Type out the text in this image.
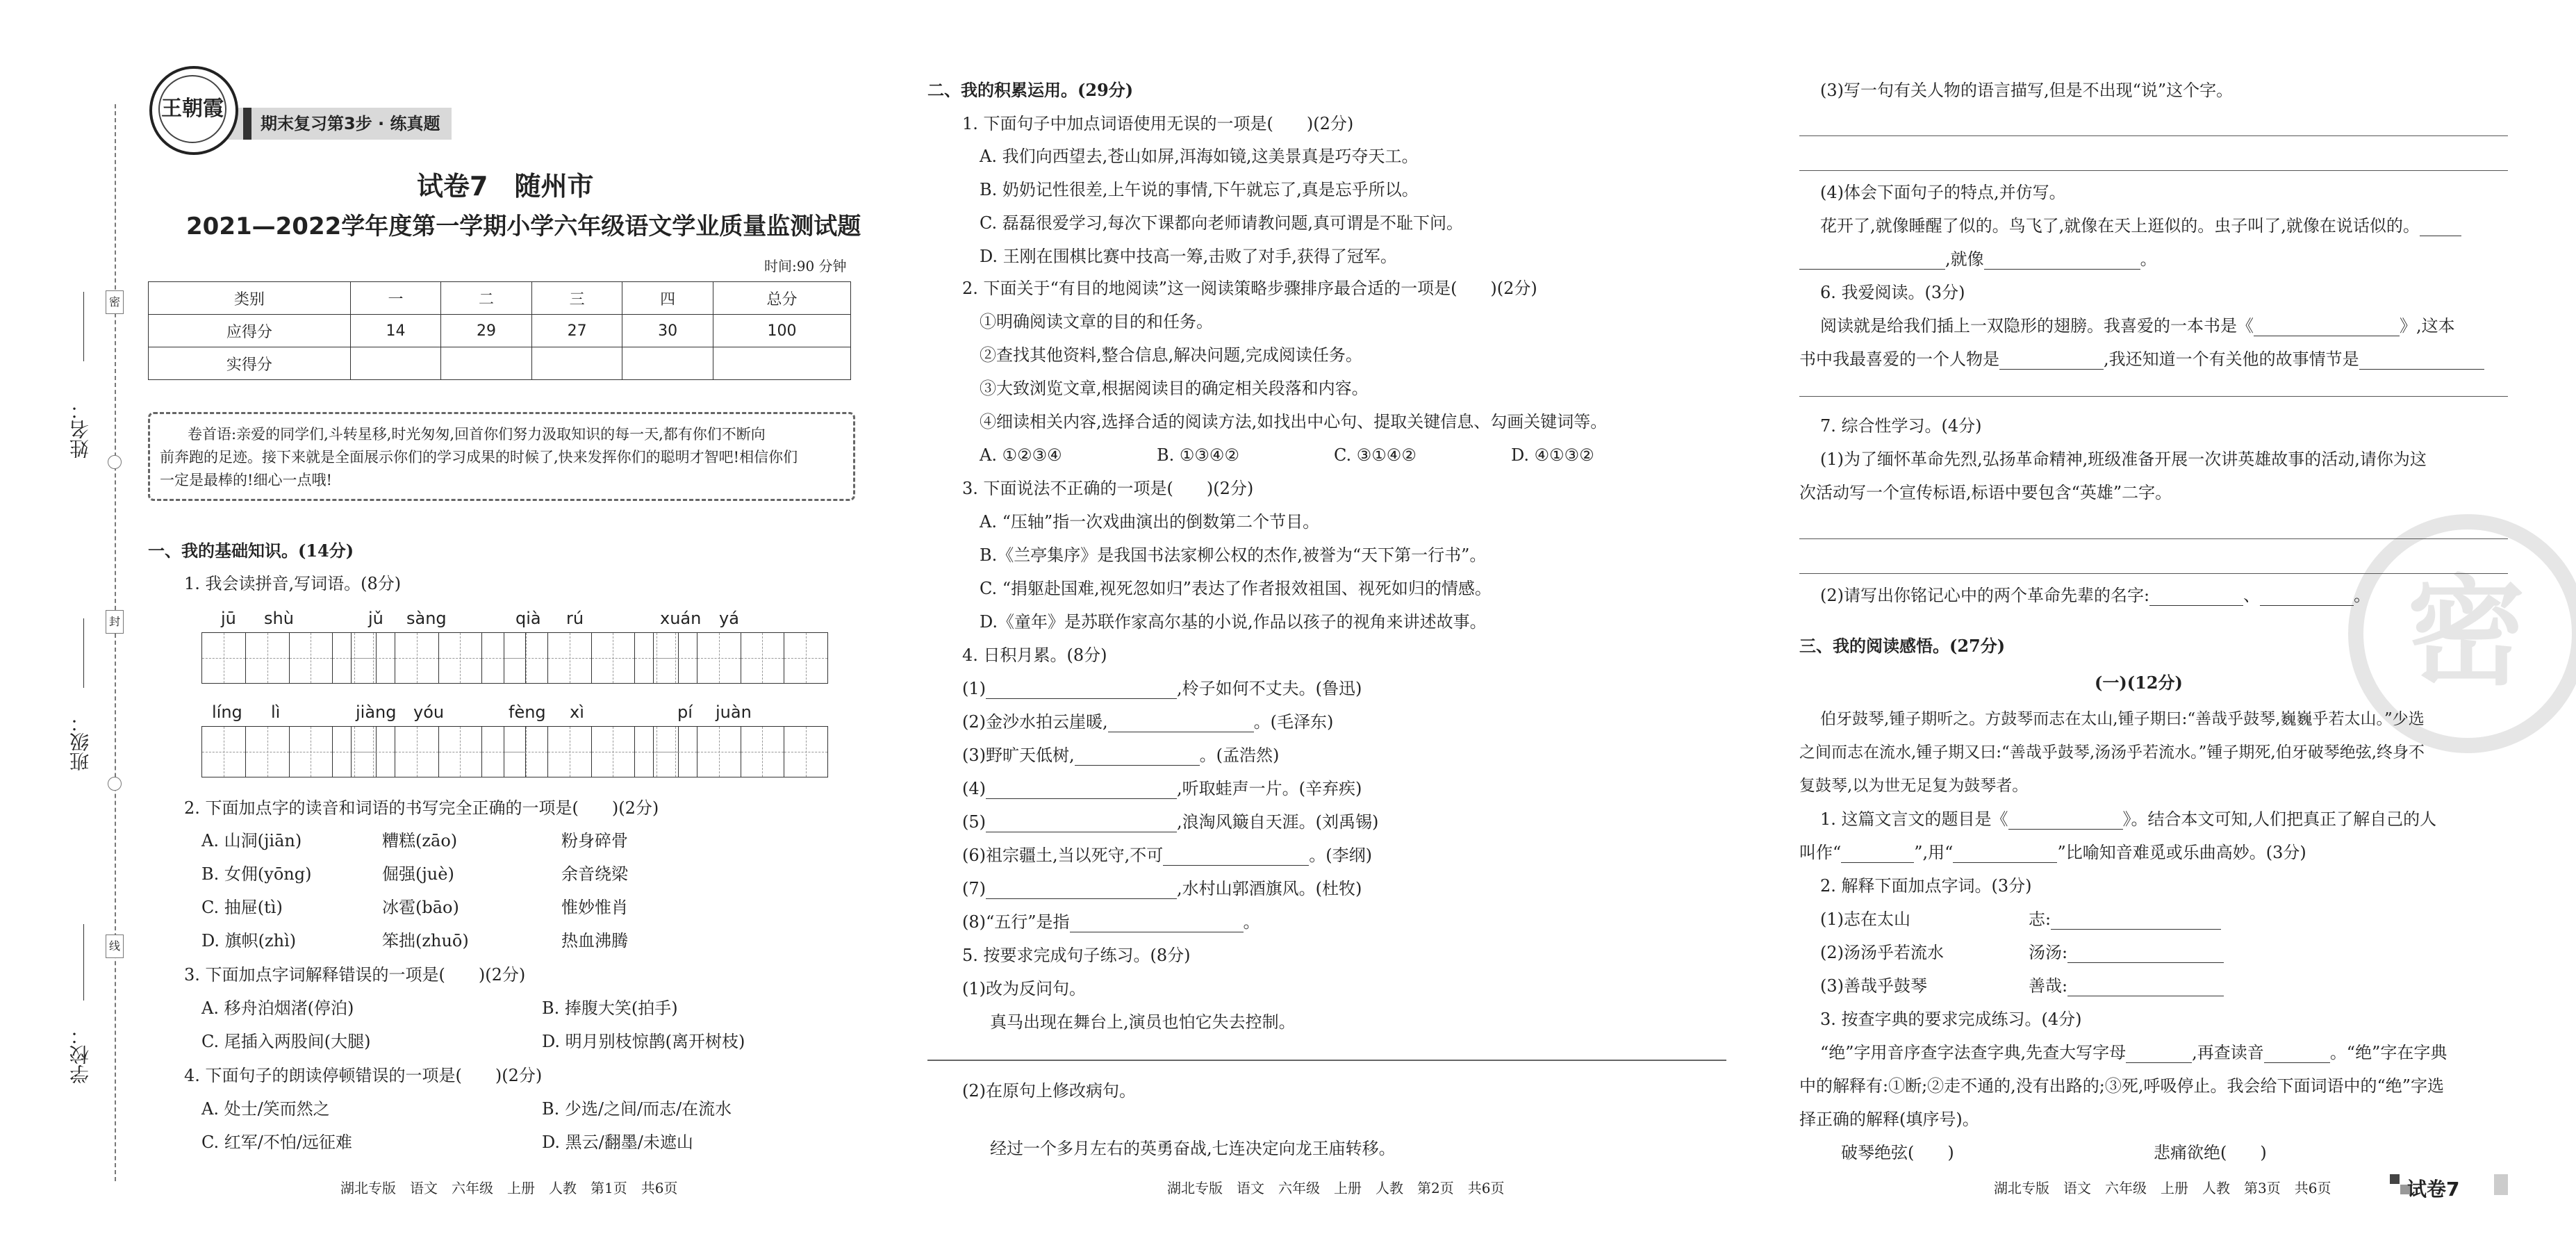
密
封
线
姓名：
班级：
学校：
期末复习第3步 · 练真题
王朝霞
试卷7　随州市
2021—2022学年度第一学期小学六年级语文学业质量监测试题
时间:90 分钟
类别	一	二	三	四	总分
应得分	14	29	27	30	100
实得分					
卷首语:亲爱的同学们,斗转星移,时光匆匆,回首你们努力汲取知识的每一天,都有你们不断向
前奔跑的足迹。接下来就是全面展示你们的学习成果的时候了,快来发挥你们的聪明才智吧!相信你们
一定是最棒的!细心一点哦!
一、我的基础知识。(14分)
1. 我会读拼音,写词语。(8分)
jū shù	jǔ sàng	qià rú	xuán yá
líng lì	jiàng yóu	fèng xì	pí juàn
2. 下面加点字的读音和词语的书写完全正确的一项是(　　)(2分)
A. 山洞(jiān)	糟糕(zāo)	粉身碎骨
B. 女佣(yōng)	倔强(juè)	余音绕梁
C. 抽屉(tì)	冰雹(bāo)	惟妙惟肖
D. 旗帜(zhì)	笨拙(zhuō)	热血沸腾
3. 下面加点字词解释错误的一项是(　　)(2分)
A. 移舟泊烟渚(停泊)	B. 捧腹大笑(拍手)
C. 尾插入两股间(大腿)	D. 明月别枝惊鹊(离开树枝)
4. 下面句子的朗读停顿错误的一项是(　　)(2分)
A. 处士/笑而然之	B. 少选/之间/而志/在流水
C. 红军/不怕/远征难	D. 黑云/翻墨/未遮山
湖北专版　语文　六年级　上册　人教　第1页　共6页
二、我的积累运用。(29分)
1. 下面句子中加点词语使用无误的一项是(　　)(2分)
A. 我们向西望去,苍山如屏,洱海如镜,这美景真是巧夺天工。
B. 奶奶记性很差,上午说的事情,下午就忘了,真是忘乎所以。
C. 磊磊很爱学习,每次下课都向老师请教问题,真可谓是不耻下问。
D. 王刚在围棋比赛中技高一筹,击败了对手,获得了冠军。
2. 下面关于“有目的地阅读”这一阅读策略步骤排序最合适的一项是(　　)(2分)
①明确阅读文章的目的和任务。
②查找其他资料,整合信息,解决问题,完成阅读任务。
③大致浏览文章,根据阅读目的确定相关段落和内容。
④细读相关内容,选择合适的阅读方法,如找出中心句、提取关键信息、勾画关键词等。
A. ①②③④	B. ①③④②	C. ③①④②	D. ④①③②
3. 下面说法不正确的一项是(　　)(2分)
A. “压轴”指一次戏曲演出的倒数第二个节目。
B.《兰亭集序》是我国书法家柳公权的杰作,被誉为“天下第一行书”。
C. “捐躯赴国难,视死忽如归”表达了作者报效祖国、视死如归的情感。
D.《童年》是苏联作家高尔基的小说,作品以孩子的视角来讲述故事。
4. 日积月累。(8分)
(1)	,柃子如何不丈夫。(鲁迅)
(2)金沙水拍云崖暖,	。(毛泽东)
(3)野旷天低树,	。(孟浩然)
(4)	,听取蛙声一片。(辛弃疾)
(5)	,浪淘风簸自天涯。(刘禹锡)
(6)祖宗疆土,当以死守,不可	。(李纲)
(7)	,水村山郭酒旗风。(杜牧)
(8)“五行”是指	。
5. 按要求完成句子练习。(8分)
(1)改为反问句。
真马出现在舞台上,演员也怕它失去控制。
(2)在原句上修改病句。
经过一个多月左右的英勇奋战,七连决定向龙王庙转移。
湖北专版　语文　六年级　上册　人教　第2页　共6页
密
(3)写一句有关人物的语言描写,但是不出现“说”这个字。
(4)体会下面句子的特点,并仿写。
花开了,就像睡醒了似的。鸟飞了,就像在天上逛似的。虫子叫了,就像在说话似的。
,就像	。
6. 我爱阅读。(3分)
阅读就是给我们插上一双隐形的翅膀。我喜爱的一本书是《	》,这本
书中我最喜爱的一个人物是	,我还知道一个有关他的故事情节是
7. 综合性学习。(4分)
(1)为了缅怀革命先烈,弘扬革命精神,班级准备开展一次讲英雄故事的活动,请你为这
次活动写一个宣传标语,标语中要包含“英雄”二字。
(2)请写出你铭记心中的两个革命先辈的名字:	、	。
三、我的阅读感悟。(27分)
(一)(12分)
伯牙鼓琴,锺子期听之。方鼓琴而志在太山,锺子期曰:“善哉乎鼓琴,巍巍乎若太山。”少选
之间而志在流水,锺子期又曰:“善哉乎鼓琴,汤汤乎若流水。”锺子期死,伯牙破琴绝弦,终身不
复鼓琴,以为世无足复为鼓琴者。
1. 这篇文言文的题目是《	》。结合本文可知,人们把真正了解自己的人
叫作“	”,用“	”比喻知音难觅或乐曲高妙。(3分)
2. 解释下面加点字词。(3分)
(1)志在太山	志:
(2)汤汤乎若流水	汤汤:
(3)善哉乎鼓琴	善哉:
3. 按查字典的要求完成练习。(4分)
“绝”字用音序查字法查字典,先查大写字母	,再查读音	。“绝”字在字典
中的解释有:①断;②走不通的,没有出路的;③死,呼吸停止。我会给下面词语中的“绝”字选
择正确的解释(填序号)。
破琴绝弦(　　)	悲痛欲绝(　　)
湖北专版　语文　六年级　上册　人教　第3页　共6页	试卷7
